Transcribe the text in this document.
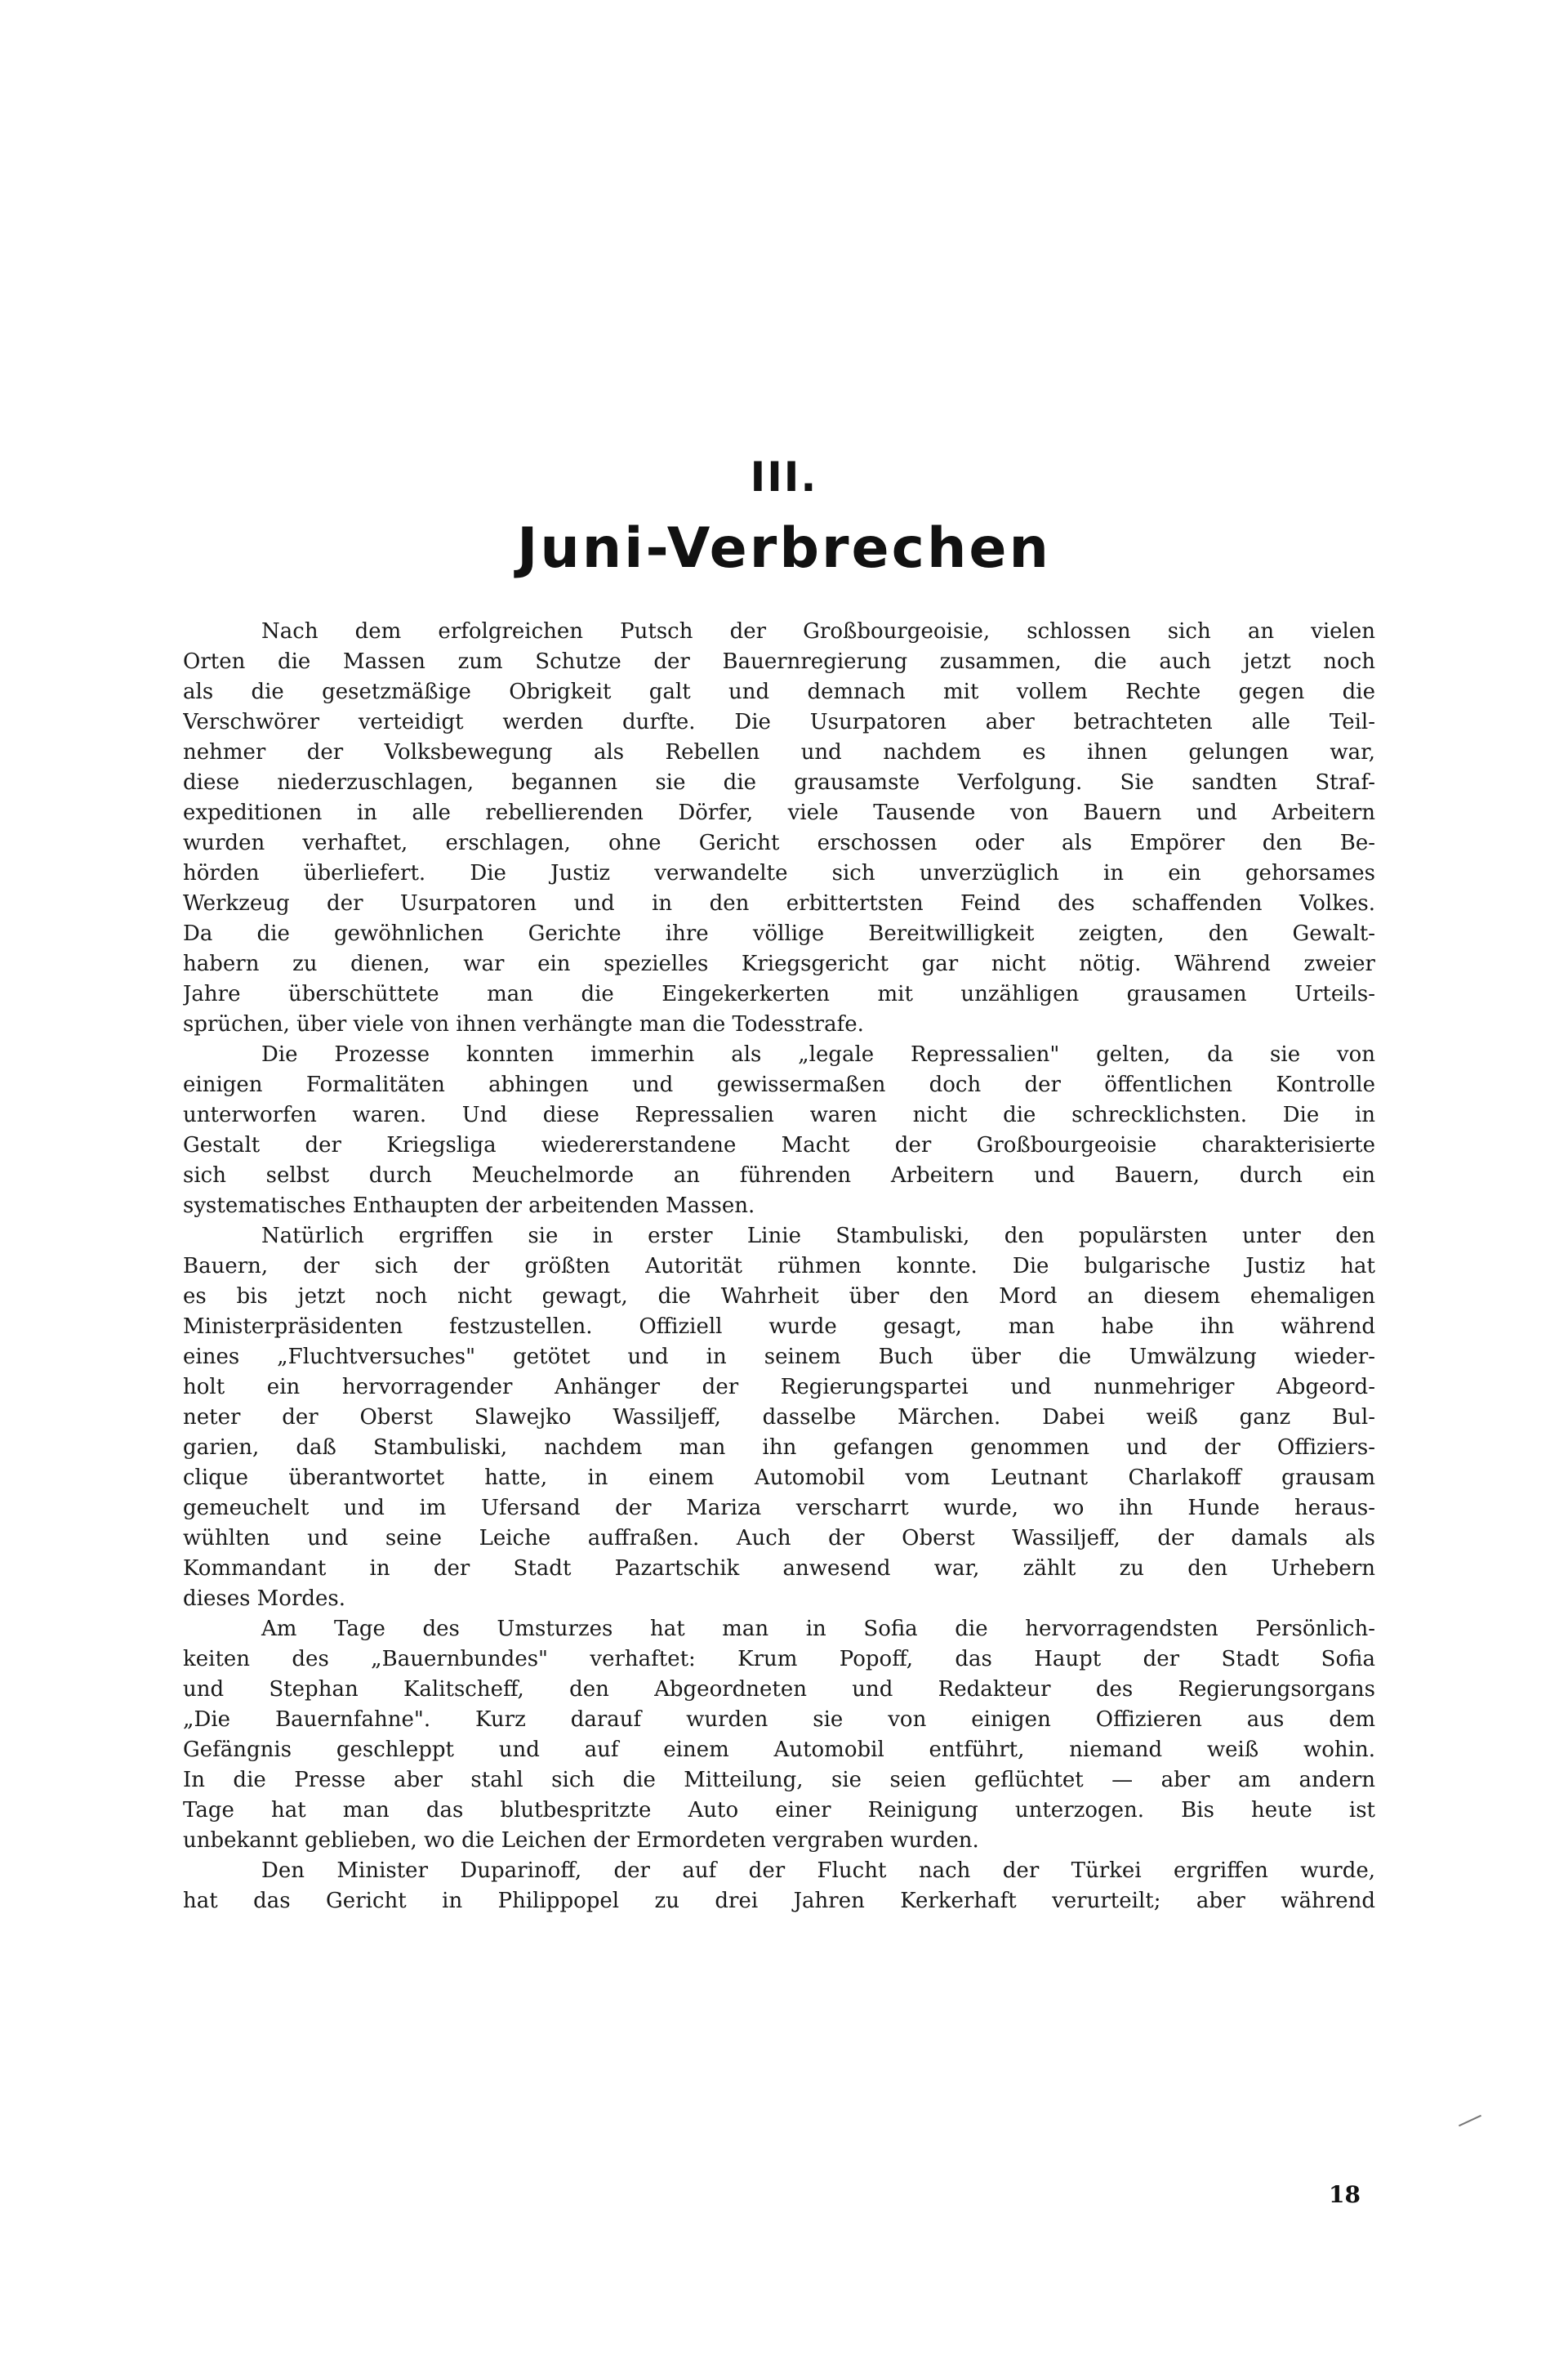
III.
Juni-Verbrechen
Nach dem erfolgreichen Putsch der Großbourgeoisie, schlossen sich an vielen
Orten die Massen zum Schutze der Bauernregierung zusammen, die auch jetzt noch
als die gesetzmäßige Obrigkeit galt und demnach mit vollem Rechte gegen die
Verschwörer verteidigt werden durfte. Die Usurpatoren aber betrachteten alle Teil-
nehmer der Volksbewegung als Rebellen und nachdem es ihnen gelungen war,
diese niederzuschlagen, begannen sie die grausamste Verfolgung. Sie sandten Straf-
expeditionen in alle rebellierenden Dörfer, viele Tausende von Bauern und Arbeitern
wurden verhaftet, erschlagen, ohne Gericht erschossen oder als Empörer den Be-
hörden überliefert. Die Justiz verwandelte sich unverzüglich in ein gehorsames
Werkzeug der Usurpatoren und in den erbittertsten Feind des schaffenden Volkes.
Da die gewöhnlichen Gerichte ihre völlige Bereitwilligkeit zeigten, den Gewalt-
habern zu dienen, war ein spezielles Kriegsgericht gar nicht nötig. Während zweier
Jahre überschüttete man die Eingekerkerten mit unzähligen grausamen Urteils-
sprüchen, über viele von ihnen verhängte man die Todesstrafe.
Die Prozesse konnten immerhin als „legale Repressalien" gelten, da sie von
einigen Formalitäten abhingen und gewissermaßen doch der öffentlichen Kontrolle
unterworfen waren. Und diese Repressalien waren nicht die schrecklichsten. Die in
Gestalt der Kriegsliga wiedererstandene Macht der Großbourgeoisie charakterisierte
sich selbst durch Meuchelmorde an führenden Arbeitern und Bauern, durch ein
systematisches Enthaupten der arbeitenden Massen.
Natürlich ergriffen sie in erster Linie Stambuliski, den populärsten unter den
Bauern, der sich der größten Autorität rühmen konnte. Die bulgarische Justiz hat
es bis jetzt noch nicht gewagt, die Wahrheit über den Mord an diesem ehemaligen
Ministerpräsidenten festzustellen. Offiziell wurde gesagt, man habe ihn während
eines „Fluchtversuches" getötet und in seinem Buch über die Umwälzung wieder-
holt ein hervorragender Anhänger der Regierungspartei und nunmehriger Abgeord-
neter der Oberst Slawejko Wassiljeff, dasselbe Märchen. Dabei weiß ganz Bul-
garien, daß Stambuliski, nachdem man ihn gefangen genommen und der Offiziers-
clique überantwortet hatte, in einem Automobil vom Leutnant Charlakoff grausam
gemeuchelt und im Ufersand der Mariza verscharrt wurde, wo ihn Hunde heraus-
wühlten und seine Leiche auffraßen. Auch der Oberst Wassiljeff, der damals als
Kommandant in der Stadt Pazartschik anwesend war, zählt zu den Urhebern
dieses Mordes.
Am Tage des Umsturzes hat man in Sofia die hervorragendsten Persönlich-
keiten des „Bauernbundes" verhaftet: Krum Popoff, das Haupt der Stadt Sofia
und Stephan Kalitscheff, den Abgeordneten und Redakteur des Regierungsorgans
„Die Bauernfahne". Kurz darauf wurden sie von einigen Offizieren aus dem
Gefängnis geschleppt und auf einem Automobil entführt, niemand weiß wohin.
In die Presse aber stahl sich die Mitteilung, sie seien geflüchtet — aber am andern
Tage hat man das blutbespritzte Auto einer Reinigung unterzogen. Bis heute ist
unbekannt geblieben, wo die Leichen der Ermordeten vergraben wurden.
Den Minister Duparinoff, der auf der Flucht nach der Türkei ergriffen wurde,
hat das Gericht in Philippopel zu drei Jahren Kerkerhaft verurteilt; aber während
18
